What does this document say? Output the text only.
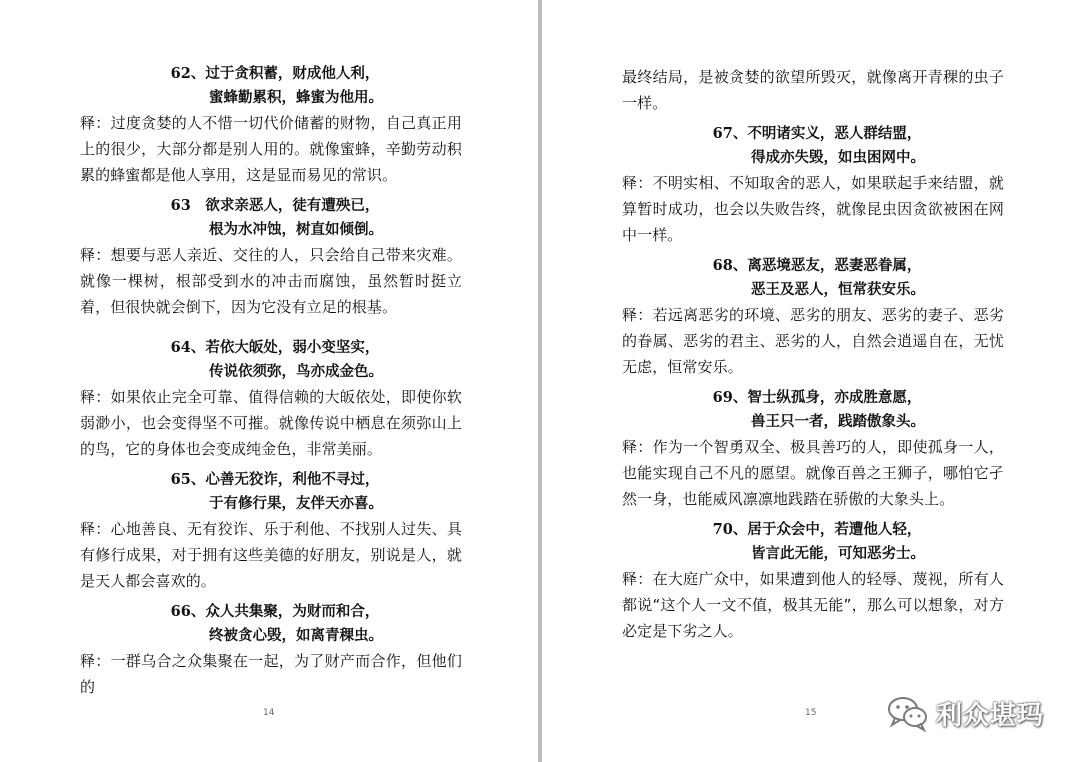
62、过于贪积蓄，财成他人利，
蜜蜂勤累积，蜂蜜为他用。

释：过度贪婪的人不惜一切代价储蓄的财物，自己真正用上的很少，大部分都是别人用的。就像蜜蜂，辛勤劳动积累的蜂蜜都是他人享用，这是显而易见的常识。

63　欲求亲恶人，徒有遭殃已，
根为水冲蚀，树直如倾倒。

释：想要与恶人亲近、交往的人，只会给自己带来灾难。就像一棵树，根部受到水的冲击而腐蚀，虽然暂时挺立着，但很快就会倒下，因为它没有立足的根基。

64、若依大皈处，弱小变坚实，
传说依须弥，鸟亦成金色。

释：如果依止完全可靠、值得信赖的大皈依处，即使你软弱渺小，也会变得坚不可摧。就像传说中栖息在须弥山上的鸟，它的身体也会变成纯金色，非常美丽。

65、心善无狡诈，利他不寻过，
于有修行果，友伴天亦喜。

释：心地善良、无有狡诈、乐于利他、不找别人过失、具有修行成果，对于拥有这些美德的好朋友，别说是人，就是天人都会喜欢的。

66、众人共集聚，为财而和合，
终被贪心毁，如离青稞虫。

释：一群乌合之众集聚在一起，为了财产而合作，但他们的

14

最终结局，是被贪婪的欲望所毁灭，就像离开青稞的虫子一样。

67、不明诸实义，恶人群结盟，
得成亦失毁，如虫困网中。

释：不明实相、不知取舍的恶人，如果联起手来结盟，就算暂时成功，也会以失败告终，就像昆虫因贪欲被困在网中一样。

68、离恶境恶友，恶妻恶眷属，
恶王及恶人，恒常获安乐。

释：若远离恶劣的环境、恶劣的朋友、恶劣的妻子、恶劣的眷属、恶劣的君主、恶劣的人，自然会逍遥自在，无忧无虑，恒常安乐。

69、智士纵孤身，亦成胜意愿，
兽王只一者，践踏傲象头。

释：作为一个智勇双全、极具善巧的人，即使孤身一人，也能实现自己不凡的愿望。就像百兽之王狮子，哪怕它孑然一身，也能威风凛凛地践踏在骄傲的大象头上。

70、居于众会中，若遭他人轻，
皆言此无能，可知恶劣士。

释：在大庭广众中，如果遭到他人的轻辱、蔑视，所有人都说“这个人一文不值，极其无能”，那么可以想象，对方必定是下劣之人。

15	利众堪玛
